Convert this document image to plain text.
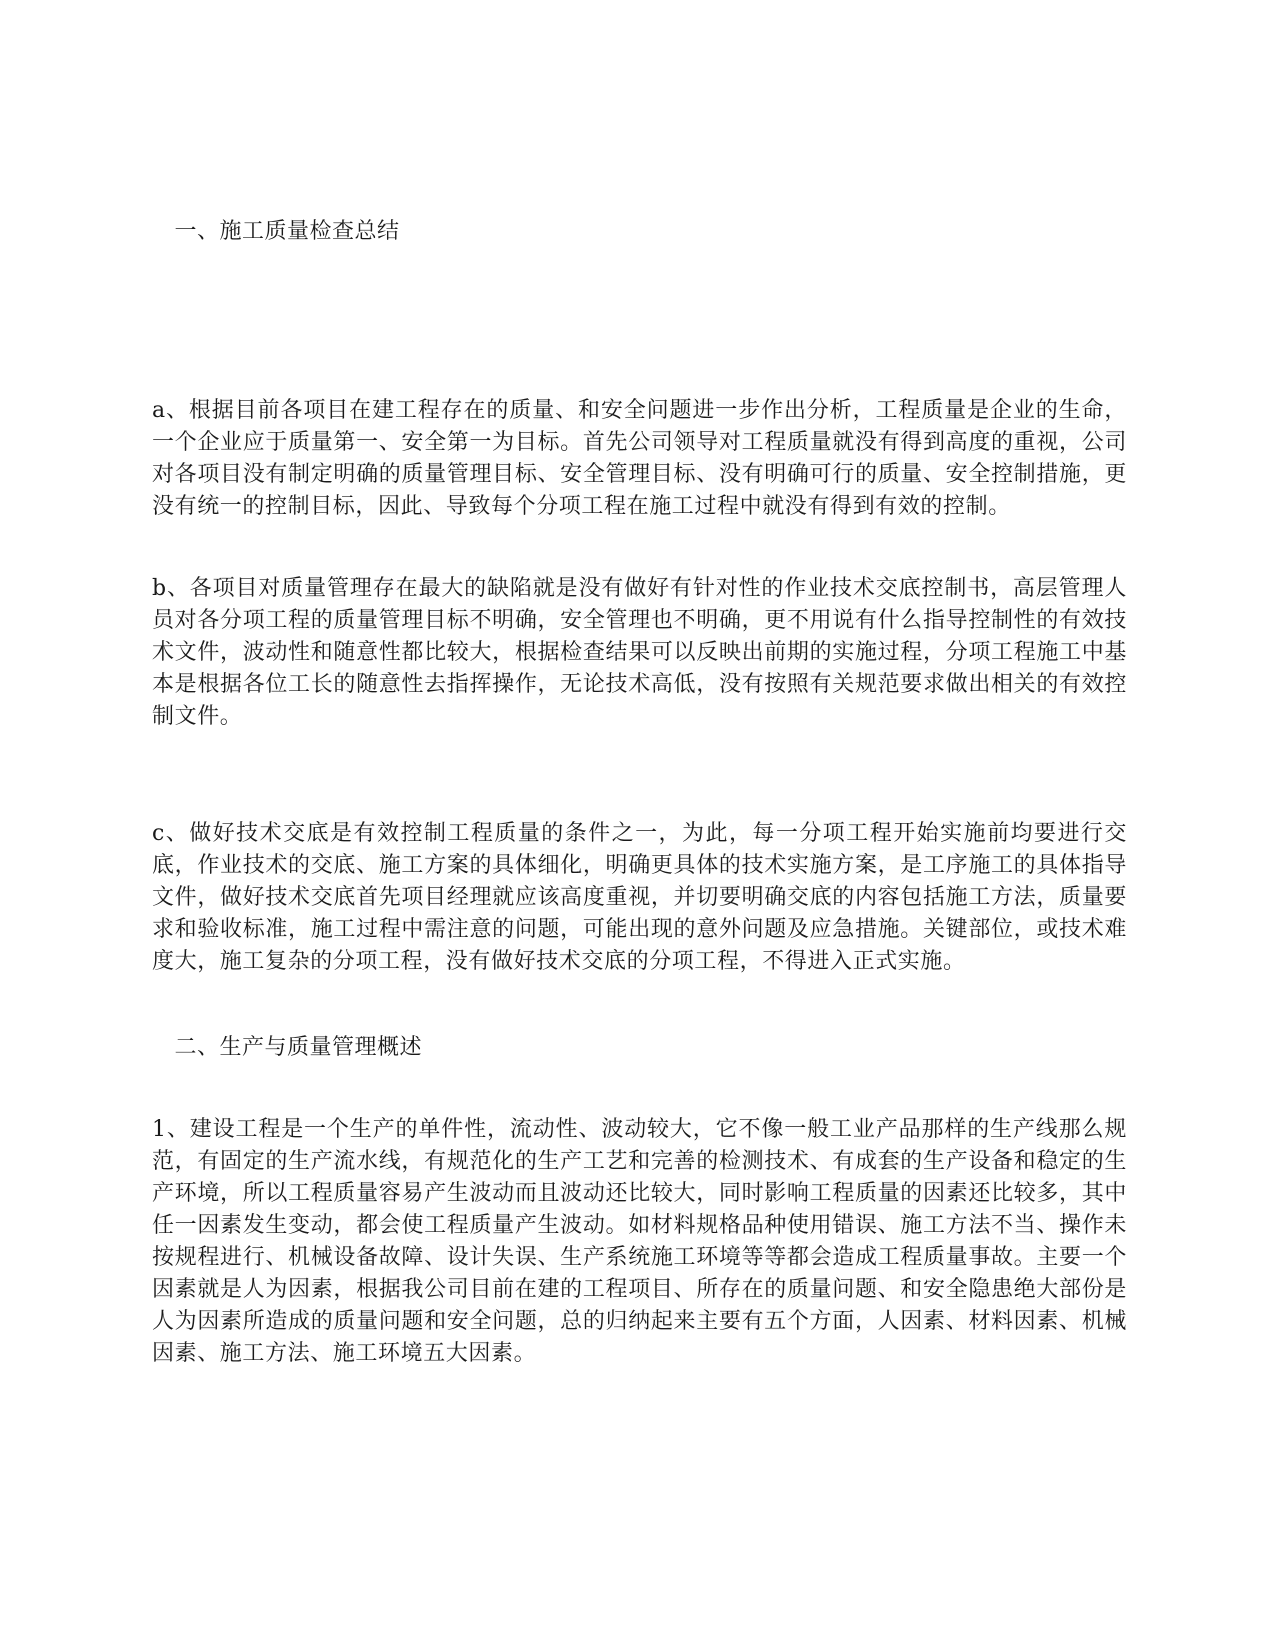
　一、施工质量检查总结
a、根据目前各项目在建工程存在的质量、和安全问题进一步作出分析，工程质量是企业的生命，一个企业应于质量第一、安全第一为目标。首先公司领导对工程质量就没有得到高度的重视，公司对各项目没有制定明确的质量管理目标、安全管理目标、没有明确可行的质量、安全控制措施，更没有统一的控制目标，因此、导致每个分项工程在施工过程中就没有得到有效的控制。
b、各项目对质量管理存在最大的缺陷就是没有做好有针对性的作业技术交底控制书，高层管理人员对各分项工程的质量管理目标不明确，安全管理也不明确，更不用说有什么指导控制性的有效技术文件，波动性和随意性都比较大，根据检查结果可以反映出前期的实施过程，分项工程施工中基本是根据各位工长的随意性去指挥操作，无论技术高低，没有按照有关规范要求做出相关的有效控制文件。
c、做好技术交底是有效控制工程质量的条件之一，为此，每一分项工程开始实施前均要进行交底，作业技术的交底、施工方案的具体细化，明确更具体的技术实施方案，是工序施工的具体指导文件，做好技术交底首先项目经理就应该高度重视，并切要明确交底的内容包括施工方法，质量要求和验收标准，施工过程中需注意的问题，可能出现的意外问题及应急措施。关键部位，或技术难度大，施工复杂的分项工程，没有做好技术交底的分项工程，不得进入正式实施。
　二、生产与质量管理概述
1、建设工程是一个生产的单件性，流动性、波动较大，它不像一般工业产品那样的生产线那么规范，有固定的生产流水线，有规范化的生产工艺和完善的检测技术、有成套的生产设备和稳定的生产环境，所以工程质量容易产生波动而且波动还比较大，同时影响工程质量的因素还比较多，其中任一因素发生变动，都会使工程质量产生波动。如材料规格品种使用错误、施工方法不当、操作未按规程进行、机械设备故障、设计失误、生产系统施工环境等等都会造成工程质量事故。主要一个因素就是人为因素，根据我公司目前在建的工程项目、所存在的质量问题、和安全隐患绝大部份是人为因素所造成的质量问题和安全问题，总的归纳起来主要有五个方面，人因素、材料因素、机械因素、施工方法、施工环境五大因素。
